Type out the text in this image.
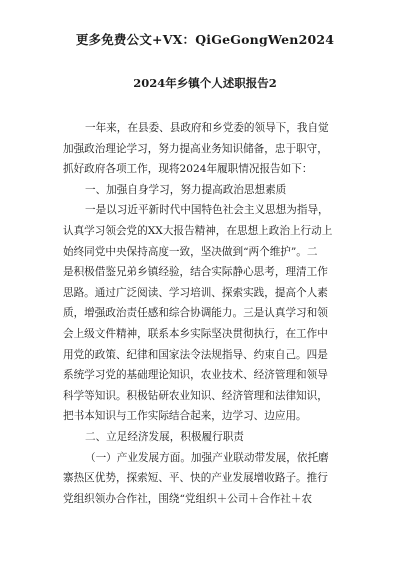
更多免费公文+VX：QiGeGongWen2024
2024年乡镇个人述职报告2
一年来，在县委、县政府和乡党委的领导下，我自觉
加强政治理论学习，努力提高业务知识储备，忠于职守，
抓好政府各项工作，现将2024年履职情况报告如下：
一、加强自身学习，努力提高政治思想素质
一是以习近平新时代中国特色社会主义思想为指导，
认真学习领会党的XX大报告精神，在思想上政治上行动上
始终同党中央保持高度一致，坚决做到“两个维护”。二
是积极借鉴兄弟乡镇经验，结合实际静心思考，理清工作
思路。通过广泛阅读、学习培训、探索实践，提高个人素
质，增强政治责任感和综合协调能力。三是认真学习和领
会上级文件精神，联系本乡实际坚决贯彻执行，在工作中
用党的政策、纪律和国家法令法规指导、约束自己。四是
系统学习党的基础理论知识，农业技术、经济管理和领导
科学等知识。积极钻研农业知识、经济管理和法律知识，
把书本知识与工作实际结合起来，边学习、边应用。
二、立足经济发展，积极履行职责
（一）产业发展方面。加强产业联动带发展，依托磨
寨热区优势，探索短、平、快的产业发展增收路子。推行
党组织领办合作社，围绕“党组织＋公司＋合作社＋农
